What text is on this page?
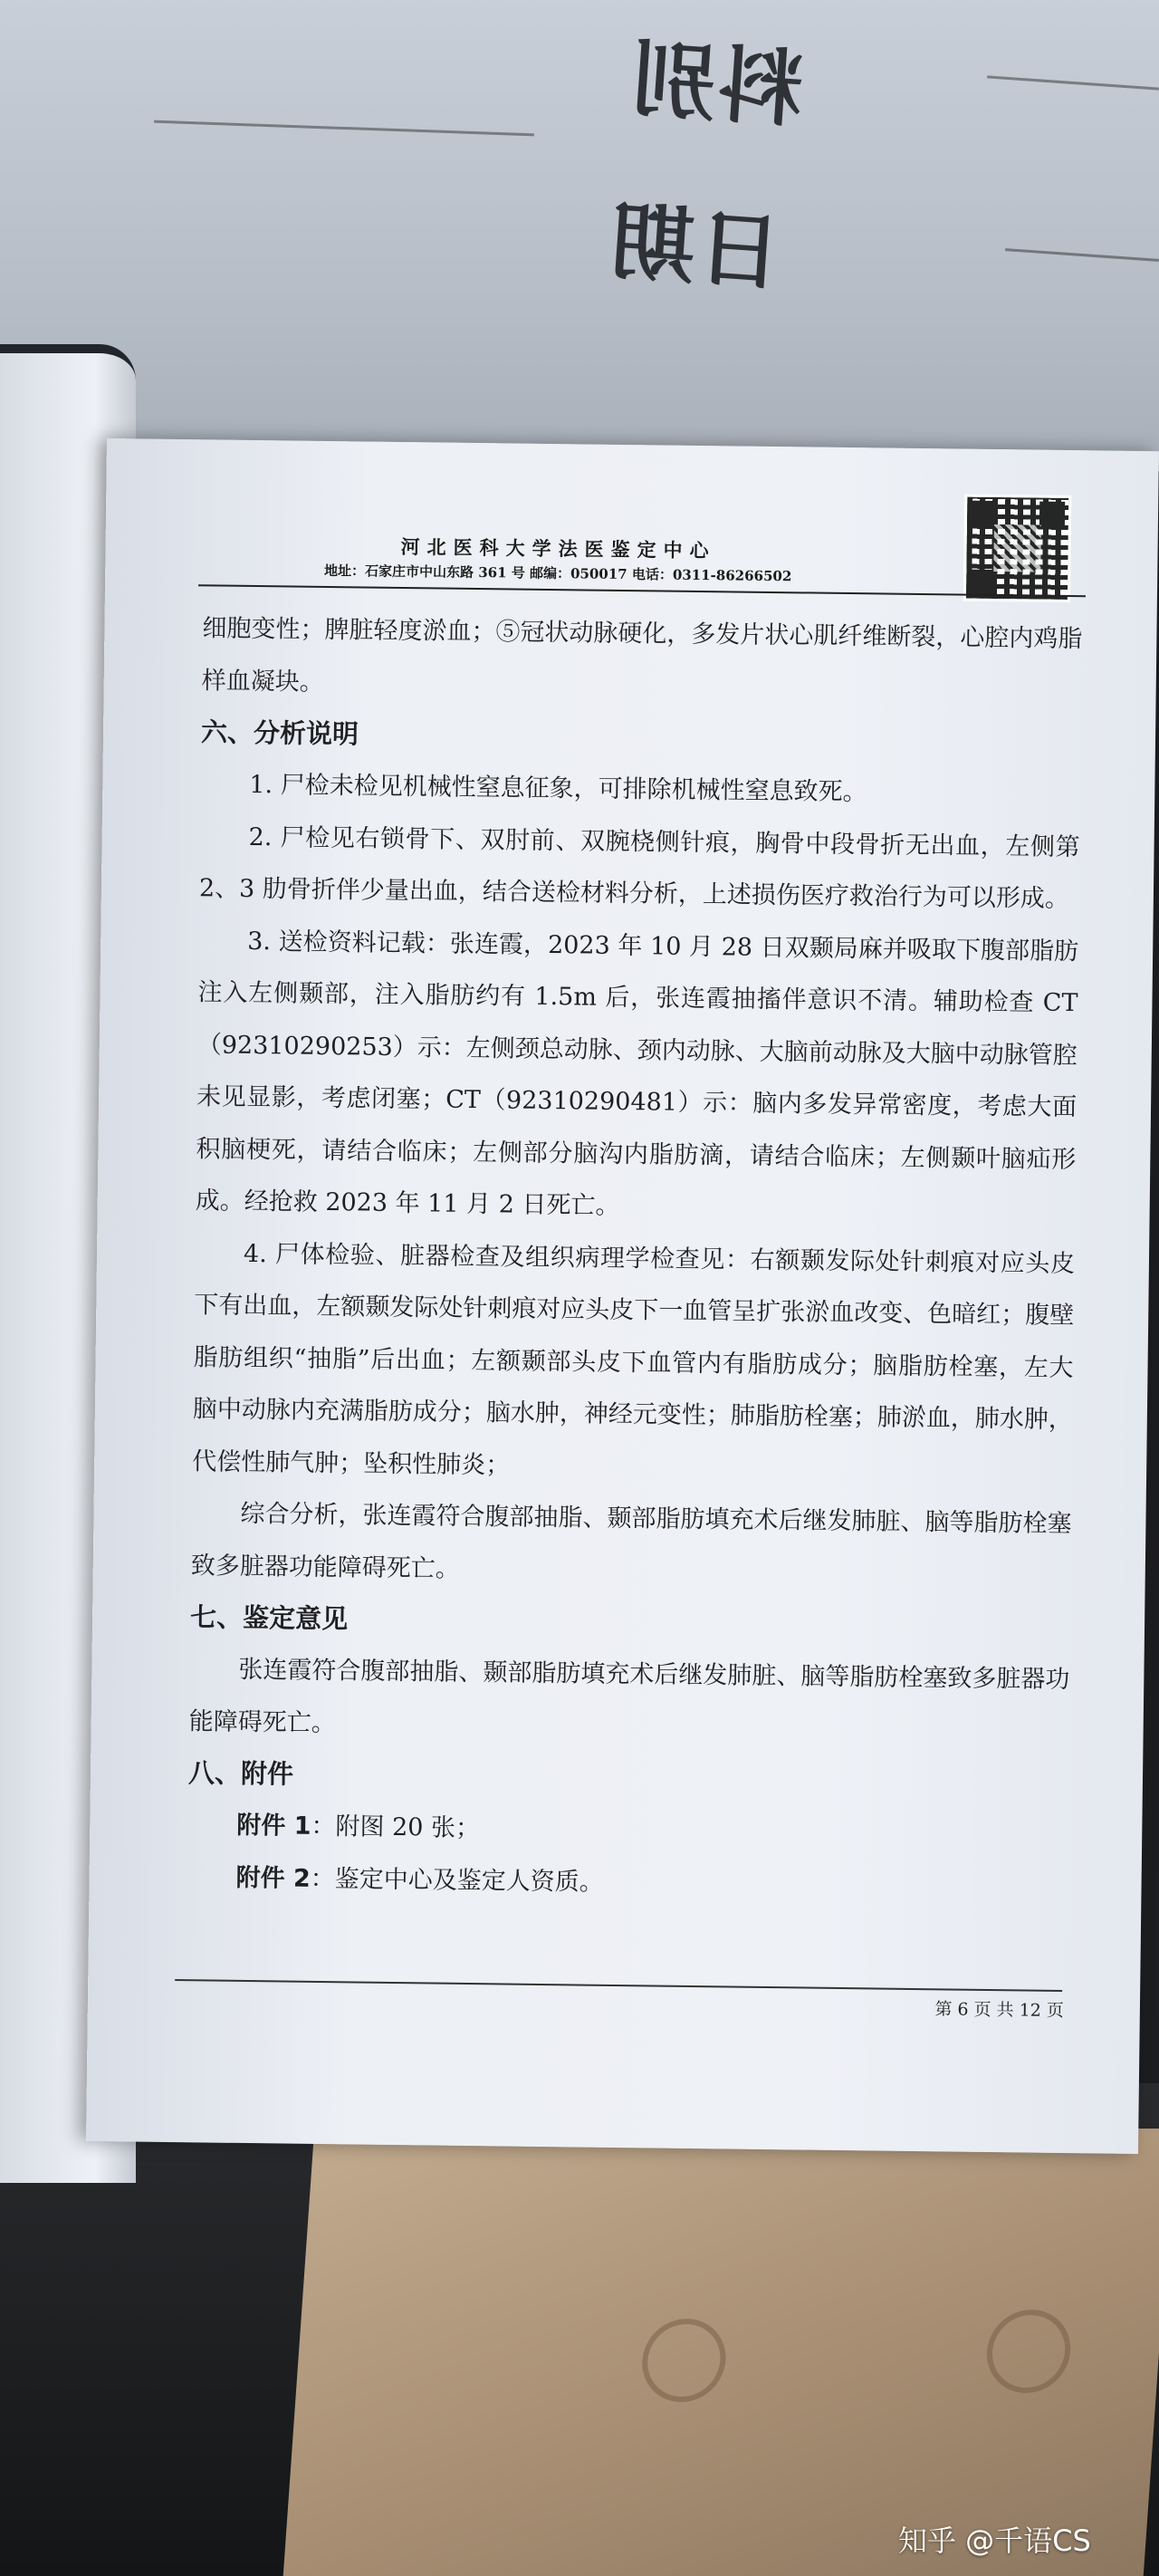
料别
日期
河北医科大学法医鉴定中心
地址：石家庄市中山东路 361 号 邮编：050017 电话：0311-86266502

细胞变性；脾脏轻度淤血；⑤冠状动脉硬化，多发片状心肌纤维断裂，心腔内鸡脂样血凝块。

六、分析说明

1. 尸检未检见机械性窒息征象，可排除机械性窒息致死。

2. 尸检见右锁骨下、双肘前、双腕桡侧针痕，胸骨中段骨折无出血，左侧第 2、3 肋骨折伴少量出血，结合送检材料分析，上述损伤医疗救治行为可以形成。

3. 送检资料记载：张连霞，2023 年 10 月 28 日双颞局麻并吸取下腹部脂肪注入左侧颞部，注入脂肪约有 1.5m 后，张连霞抽搐伴意识不清。辅助检查 CT（92310290253）示：左侧颈总动脉、颈内动脉、大脑前动脉及大脑中动脉管腔未见显影，考虑闭塞；CT（92310290481）示：脑内多发异常密度，考虑大面积脑梗死，请结合临床；左侧部分脑沟内脂肪滴，请结合临床；左侧颞叶脑疝形成。经抢救 2023 年 11 月 2 日死亡。

4. 尸体检验、脏器检查及组织病理学检查见：右额颞发际处针刺痕对应头皮下有出血，左额颞发际处针刺痕对应头皮下一血管呈扩张淤血改变、色暗红；腹壁脂肪组织“抽脂”后出血；左额颞部头皮下血管内有脂肪成分；脑脂肪栓塞，左大脑中动脉内充满脂肪成分；脑水肿，神经元变性；肺脂肪栓塞；肺淤血，肺水肿，代偿性肺气肿；坠积性肺炎；

综合分析，张连霞符合腹部抽脂、颞部脂肪填充术后继发肺脏、脑等脂肪栓塞致多脏器功能障碍死亡。

七、鉴定意见

张连霞符合腹部抽脂、颞部脂肪填充术后继发肺脏、脑等脂肪栓塞致多脏器功能障碍死亡。

八、附件

附件 1：附图 20 张；

附件 2：鉴定中心及鉴定人资质。

第 6 页 共 12 页
知乎 @千语CS
